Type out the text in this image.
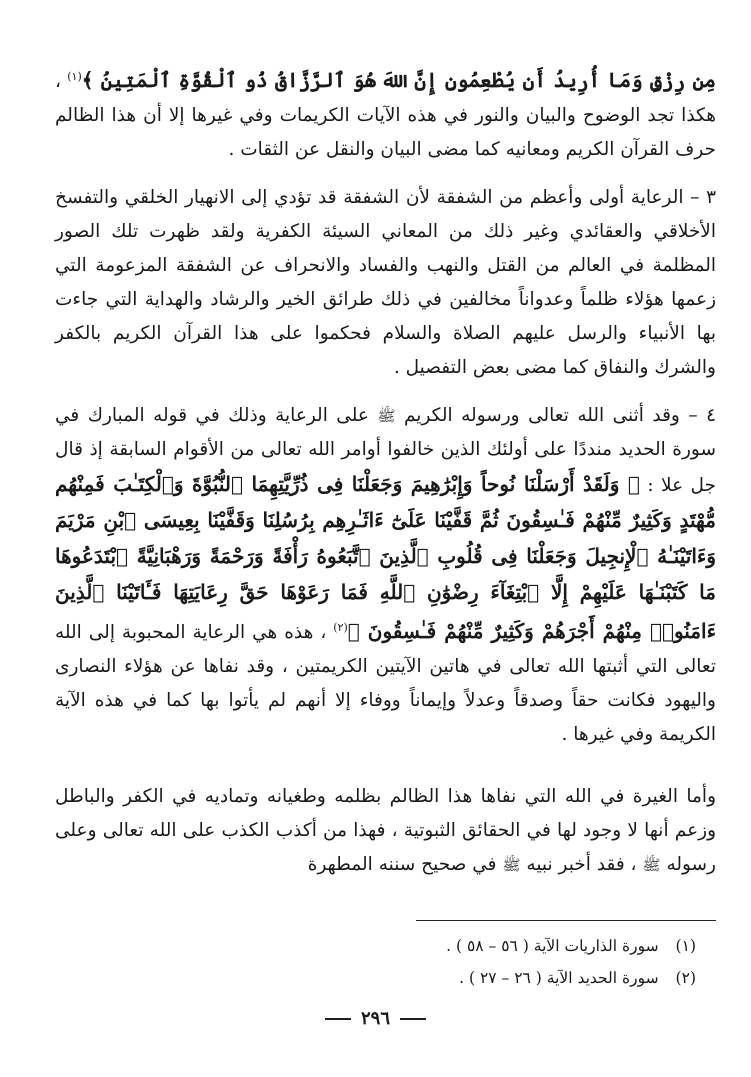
مِن رِزْقٍ وَمَا أُرِيدُ أَن يُطْعِمُونِ إِنَّ اللهَ هُوَ ٱلرَّزَّاقُ ذُو ٱلْقُوَّةِ ٱلْمَتِينُ ﴾$^{(١)}$ ، هكذا تجد الوضوح والبيان والنور في هذه الآيات الكريمات وفي غيرها إلا أن هذا الظالم حرف القرآن الكريم ومعانيه كما مضى البيان والنقل عن الثقات .

٣ – الرعاية أولى وأعظم من الشفقة لأن الشفقة قد تؤدي إلى الانهيار الخلقي والتفسخ الأخلاقي والعقائدي وغير ذلك من المعاني السيئة الكفرية ولقد ظهرت تلك الصور المظلمة في العالم من القتل والنهب والفساد والانحراف عن الشفقة المزعومة التي زعمها هؤلاء ظلماً وعدواناً مخالفين في ذلك طرائق الخير والرشاد والهداية التي جاءت بها الأنبياء والرسل عليهم الصلاة والسلام فحكموا على هذا القرآن الكريم بالكفر والشرك والنفاق كما مضى بعض التفصيل .

٤ – وقد أثنى الله تعالى ورسوله الكريم ﷺ على الرعاية وذلك في قوله المبارك في سورة الحديد منددًا على أولئك الذين خالفوا أوامر الله تعالى من الأقوام السابقة إذ قال جل علا : ﴿ وَلَقَدْ أَرْسَلْنَا نُوحاً وَإِبْرَٰهِيمَ وَجَعَلْنَا فِى ذُرِّيَّتِهِمَا ٱلنُّبُوَّةَ وَٱلْكِتَـٰبَ فَمِنْهُم مُّهْتَدٍ وَكَثِيرٌ مِّنْهُمْ فَـٰسِقُونَ ثُمَّ قَفَّيْنَا عَلَىٰٓ ءَاثَـٰرِهِم بِرُسُلِنَا وَقَفَّيْنَا بِعِيسَى ٱبْنِ مَرْيَمَ وَءَاتَيْنَـٰهُ ٱلْإِنجِيلَ وَجَعَلْنَا فِى قُلُوبِ ٱلَّذِينَ ٱتَّبَعُوهُ رَأْفَةً وَرَحْمَةً وَرَهْبَانِيَّةً ٱبْتَدَعُوهَا مَا كَتَبْنَـٰهَا عَلَيْهِمْ إِلَّا ٱبْتِغَآءَ رِضْوَٰنِ ٱللَّهِ فَمَا رَعَوْهَا حَقَّ رِعَايَتِهَا فَـَٔاتَيْنَا ٱلَّذِينَ ءَامَنُوا۟ مِنْهُمْ أَجْرَهُمْ وَكَثِيرٌ مِّنْهُمْ فَـٰسِقُونَ ﴾$^{(٢)}$ ، هذه هي الرعاية المحبوبة إلى الله تعالى التي أثبتها الله تعالى في هاتين الآيتين الكريمتين ، وقد نفاها عن هؤلاء النصارى واليهود فكانت حقاً وصدقاً وعدلاً وإيماناً ووفاء إلا أنهم لم يأتوا بها كما في هذه الآية الكريمة وفي غيرها .

وأما الغيرة في الله التي نفاها هذا الظالم بظلمه وطغيانه وتماديه في الكفر والباطل وزعم أنها لا وجود لها في الحقائق الثبوتية ، فهذا من أكذب الكذب على الله تعالى وعلى رسوله ﷺ ، فقد أخبر نبيه ﷺ في صحيح سننه المطهرة

(١) سورة الذاريات الآية ( ٥٦ – ٥٨ ) .
(٢) سورة الحديد الآية ( ٢٦ – ٢٧ ) .
٢٩٦
